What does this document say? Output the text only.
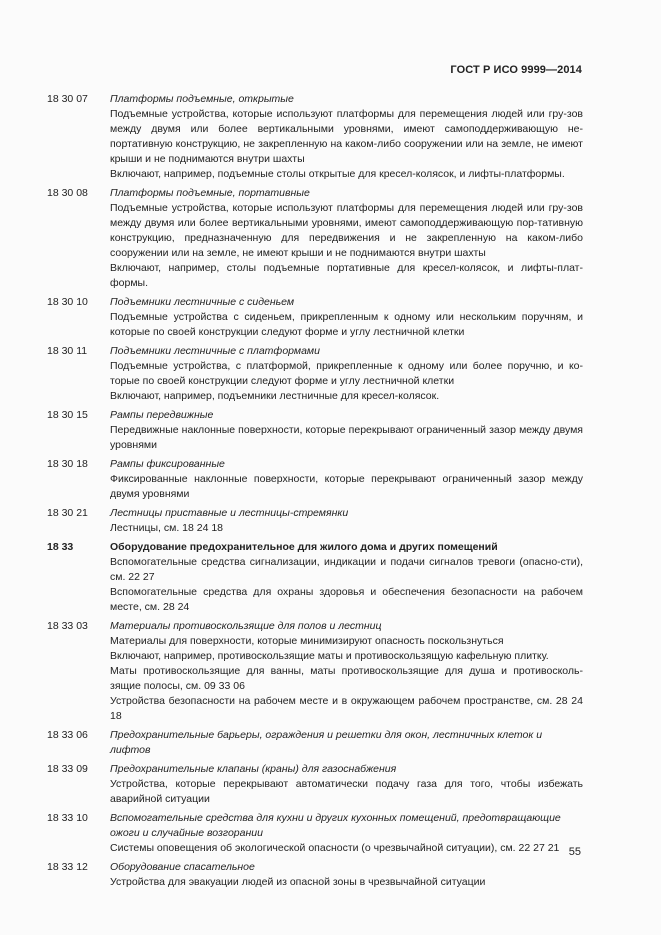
ГОСТ Р ИСО 9999—2014
18 30 07	Платформы подъемные, открытые
Подъемные устройства, которые используют платформы для перемещения людей или гру-зов между двумя или более вертикальными уровнями, имеют самоподдерживающую не-портативную конструкцию, не закрепленную на каком-либо сооружении или на земле, не имеют крыши и не поднимаются внутри шахты
Включают, например, подъемные столы открытые для кресел-колясок, и лифты-платформы.
18 30 08	Платформы подъемные, портативные
Подъемные устройства, которые используют платформы для перемещения людей или гру-зов между двумя или более вертикальными уровнями, имеют самоподдерживающую пор-тативную конструкцию, предназначенную для передвижения и не закрепленную на каком-либо сооружении или на земле, не имеют крыши и не поднимаются внутри шахты
Включают, например, столы подъемные портативные для кресел-колясок, и лифты-плат-формы.
18 30 10	Подъемники лестничные с сиденьем
Подъемные устройства с сиденьем, прикрепленным к одному или нескольким поручням, и которые по своей конструкции следуют форме и углу лестничной клетки
18 30 11	Подъемники лестничные с платформами
Подъемные устройства, с платформой, прикрепленные к одному или более поручню, и ко-торые по своей конструкции следуют форме и углу лестничной клетки
Включают, например, подъемники лестничные для кресел-колясок.
18 30 15	Рампы передвижные
Передвижные наклонные поверхности, которые перекрывают ограниченный зазор между двумя уровнями
18 30 18	Рампы фиксированные
Фиксированные наклонные поверхности, которые перекрывают ограниченный зазор между двумя уровнями
18 30 21	Лестницы приставные и лестницы-стремянки
Лестницы, см. 18 24 18
18 33	Оборудование предохранительное для жилого дома и других помещений
Вспомогательные средства сигнализации, индикации и подачи сигналов тревоги (опасно-сти), см. 22 27
Вспомогательные средства для охраны здоровья и обеспечения безопасности на рабочем месте, см. 28 24
18 33 03	Материалы противоскользящие для полов и лестниц
Материалы для поверхности, которые минимизируют опасность поскользнуться
Включают, например, противоскользящие маты и противоскользящую кафельную плитку.
Маты противоскользящие для ванны, маты противоскользящие для душа и противосколь-зящие полосы, см. 09 33 06
Устройства безопасности на рабочем месте и в окружающем рабочем пространстве, см. 28 24 18
18 33 06	Предохранительные барьеры, ограждения и решетки для окон, лестничных клеток и лифтов
18 33 09	Предохранительные клапаны (краны) для газоснабжения
Устройства, которые перекрывают автоматически подачу газа для того, чтобы избежать аварийной ситуации
18 33 10	Вспомогательные средства для кухни и других кухонных помещений, предотвращающие ожоги и случайные возгорании
Системы оповещения об экологической опасности (о чрезвычайной ситуации), cм. 22 27 21
18 33 12	Оборудование спасательное
Устройства для эвакуации людей из опасной зоны в чрезвычайной ситуации
55
